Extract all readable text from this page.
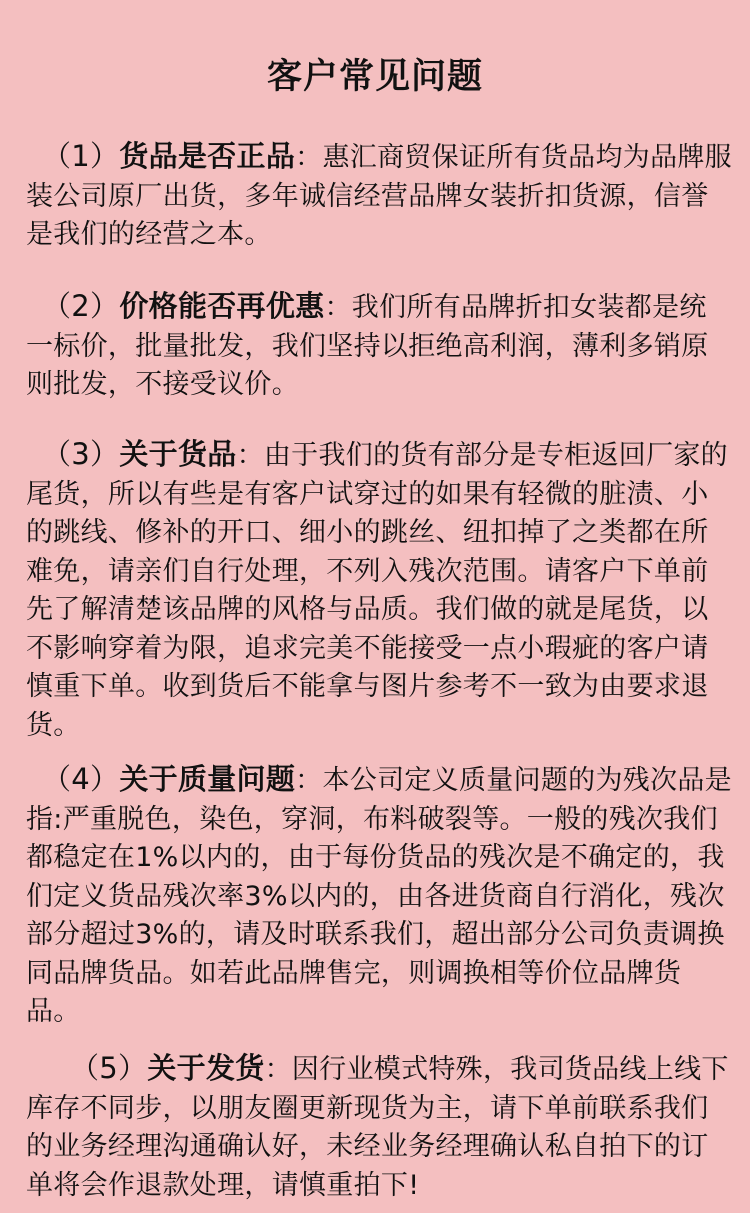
客户常见问题
（1）货品是否正品：惠汇商贸保证所有货品均为品牌服装公司原厂出货，多年诚信经营品牌女装折扣货源，信誉是我们的经营之本。
（2）价格能否再优惠：我们所有品牌折扣女装都是统一标价，批量批发，我们坚持以拒绝高利润，薄利多销原则批发，不接受议价。
（3）关于货品：由于我们的货有部分是专柜返回厂家的尾货，所以有些是有客户试穿过的如果有轻微的脏渍、小的跳线、修补的开口、细小的跳丝、纽扣掉了之类都在所难免，请亲们自行处理，不列入残次范围。请客户下单前先了解清楚该品牌的风格与品质。我们做的就是尾货，以不影响穿着为限，追求完美不能接受一点小瑕疵的客户请慎重下单。收到货后不能拿与图片参考不一致为由要求退货。
（4）关于质量问题：本公司定义质量问题的为残次品是指:严重脱色，染色，穿洞，布料破裂等。一般的残次我们都稳定在1%以内的，由于每份货品的残次是不确定的，我们定义货品残次率3%以内的，由各进货商自行消化，残次部分超过3%的，请及时联系我们，超出部分公司负责调换同品牌货品。如若此品牌售完，则调换相等价位品牌货品。
（5）关于发货：因行业模式特殊，我司货品线上线下库存不同步，以朋友圈更新现货为主，请下单前联系我们的业务经理沟通确认好，未经业务经理确认私自拍下的订单将会作退款处理，请慎重拍下!
